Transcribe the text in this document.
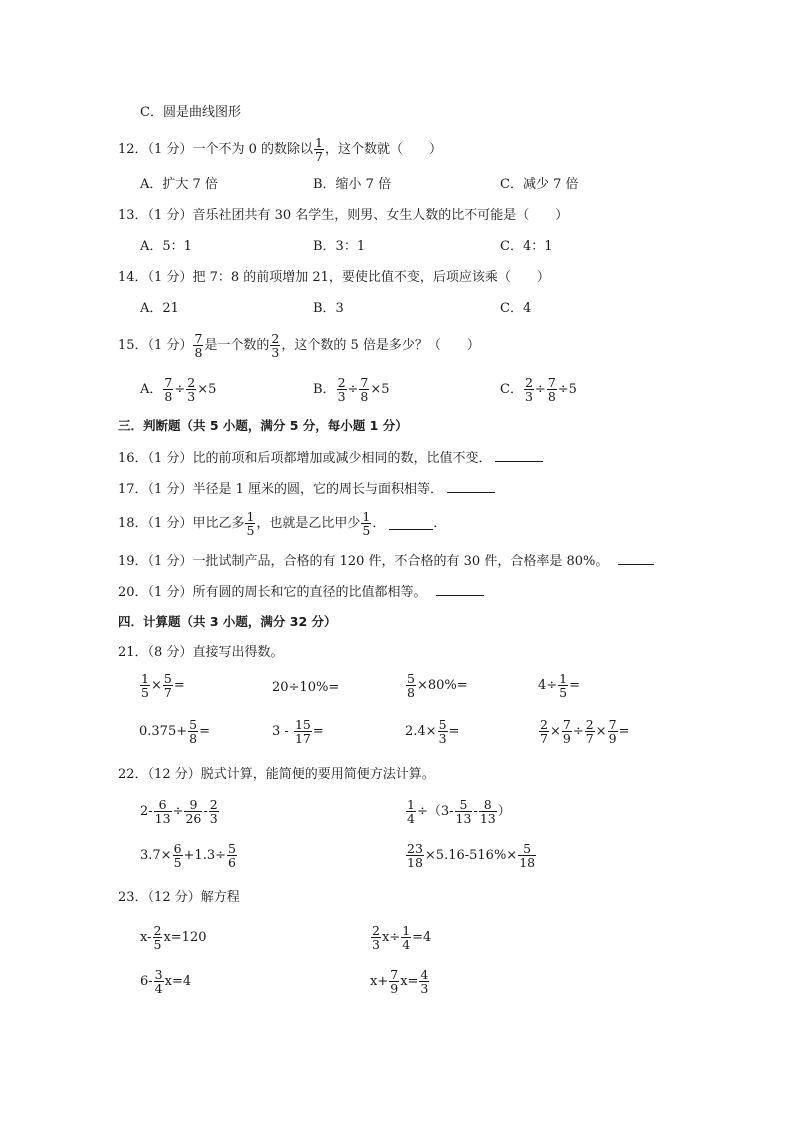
C．圆是曲线图形
12．（1 分）一个不为 0 的数除以 $\frac{1}{7}$ ，这个数就（　　）
A．扩大 7 倍	B．缩小 7 倍	C．减少 7 倍
13．（1 分）音乐社团共有 30 名学生，则男、女生人数的比不可能是（　　）
A．5：1	B．3：1	C．4：1
14．（1 分）把 7：8 的前项增加 21，要使比值不变，后项应该乘（　　）
A．21	B．3	C．4
15．（1 分） $\frac{7}{8}$ 是一个数的 $\frac{2}{3}$ ，这个数的 5 倍是多少？（　　）
A． $\frac{7}{8} \div \frac{2}{3} \times 5$	B． $\frac{2}{3} \div \frac{7}{8} \times 5$	C． $\frac{2}{3} \div \frac{7}{8} \div 5$
三．判断题（共 5 小题，满分 5 分，每小题 1 分）
16．（1 分）比的前项和后项都增加或减少相同的数，比值不变．
17．（1 分）半径是 1 厘米的圆，它的周长与面积相等．
18．（1 分）甲比乙多 $\frac{1}{5}$ ，也就是乙比甲少 $\frac{1}{5}$ ．	．
19．（1 分）一批试制产品，合格的有 120 件，不合格的有 30 件，合格率是 80%。
20．（1 分）所有圆的周长和它的直径的比值都相等。
四．计算题（共 3 小题，满分 32 分）
21．（8 分）直接写出得数。
$\frac{1}{5} \times \frac{5}{7}$ =	20÷10%=	$\frac{5}{8} \times 80\%=$	$4\div \frac{1}{5}$ =
$0.375+ \frac{5}{8}$ =	$3 - \frac{15}{17}$ =	$2.4\times \frac{5}{3}$ =	$\frac{2}{7} \times \frac{7}{9} \div \frac{2}{7} \times \frac{7}{9}$ =
22．（12 分）脱式计算，能简便的要用简便方法计算。
$2- \frac{6}{13} \div \frac{9}{26} - \frac{2}{3}$	$\frac{1}{4} \div(3- \frac{5}{13} - \frac{8}{13}$ ）
$3.7\times \frac{6}{5} +1.3\div \frac{5}{6}$	$\frac{23}{18} \times 5.16-516\%\times \frac{5}{18}$
23．（12 分）解方程
$x- \frac{2}{5} x=120$	$\frac{2}{3} x\div \frac{1}{4} =4$
$6- \frac{3}{4} x=4$	$x+ \frac{7}{9} x= \frac{4}{3}$
